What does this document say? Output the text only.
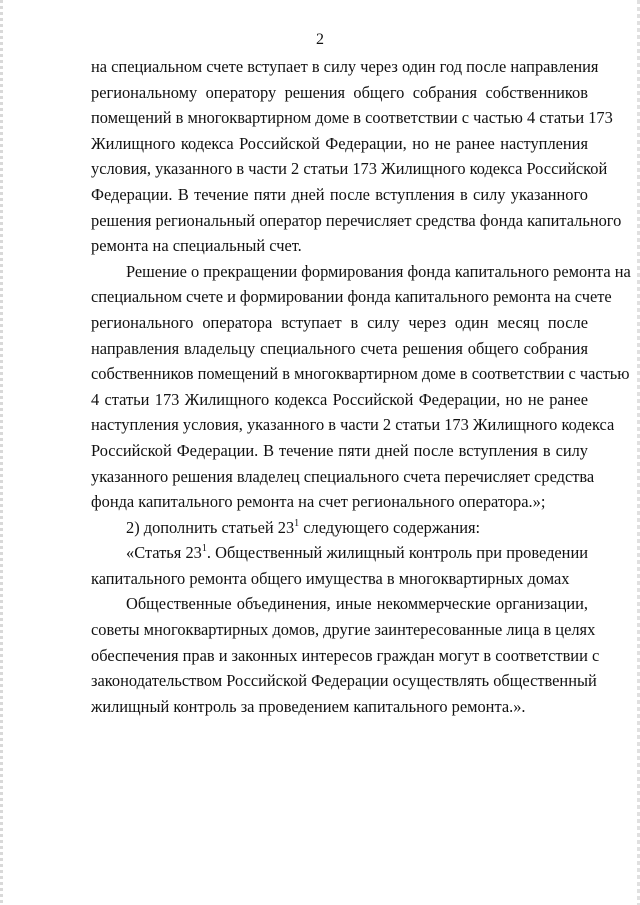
2
на специальном счете вступает в силу через один год после направления
региональному оператору решения общего собрания собственников
помещений в многоквартирном доме в соответствии с частью 4 статьи 173
Жилищного кодекса Российской Федерации, но не ранее наступления
условия, указанного в части 2 статьи 173 Жилищного кодекса Российской
Федерации. В течение пяти дней после вступления в силу указанного
решения региональный оператор перечисляет средства фонда капитального
ремонта на специальный счет.
Решение о прекращении формирования фонда капитального ремонта на
специальном счете и формировании фонда капитального ремонта на счете
регионального оператора вступает в силу через один месяц после
направления владельцу специального счета решения общего собрания
собственников помещений в многоквартирном доме в соответствии с частью
4 статьи 173 Жилищного кодекса Российской Федерации, но не ранее
наступления условия, указанного в части 2 статьи 173 Жилищного кодекса
Российской Федерации. В течение пяти дней после вступления в силу
указанного решения владелец специального счета перечисляет средства
фонда капитального ремонта на счет регионального оператора.»;
2) дополнить статьей $23^1$ следующего содержания:
«Статья $23^1$. Общественный жилищный контроль при проведении
капитального ремонта общего имущества в многоквартирных домах
Общественные объединения, иные некоммерческие организации,
советы многоквартирных домов, другие заинтересованные лица в целях
обеспечения прав и законных интересов граждан могут в соответствии с
законодательством Российской Федерации осуществлять общественный
жилищный контроль за проведением капитального ремонта.».
